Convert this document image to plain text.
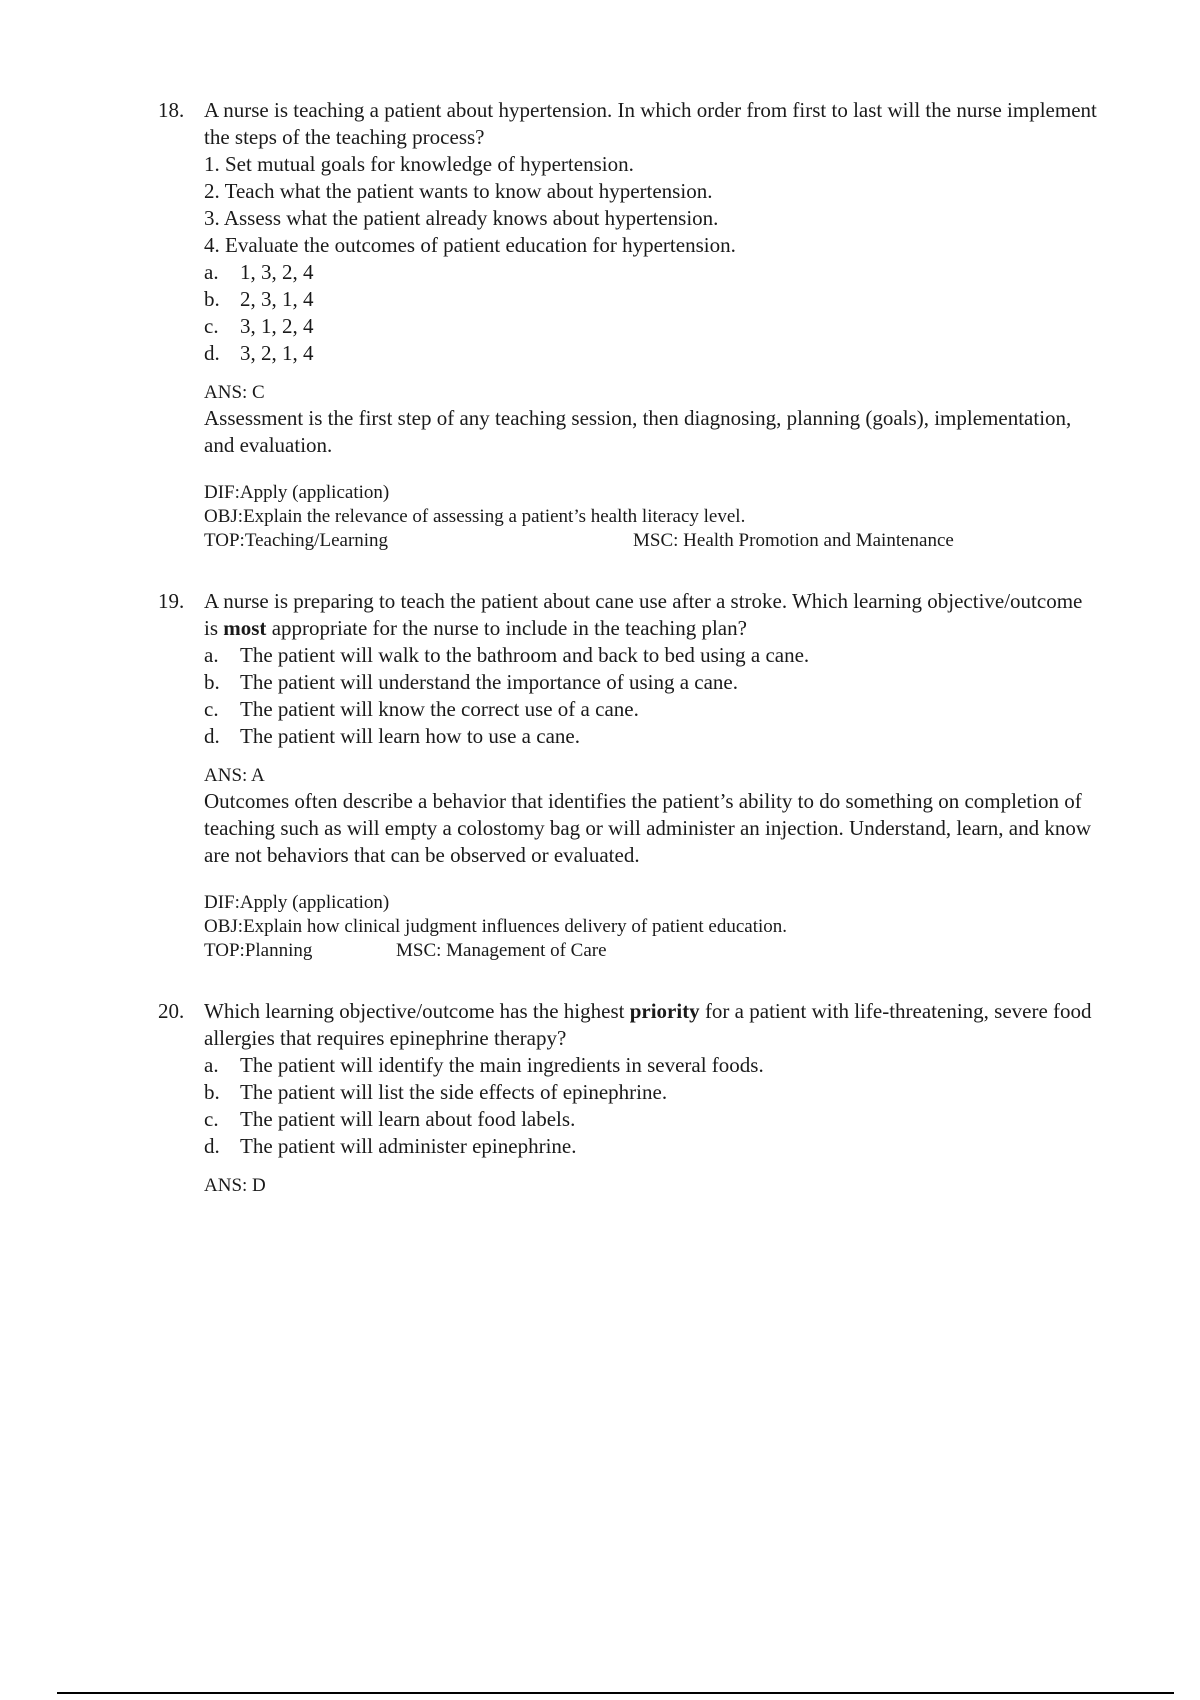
18. A nurse is teaching a patient about hypertension. In which order from first to last will the nurse implement the steps of the teaching process?
1. Set mutual goals for knowledge of hypertension.
2. Teach what the patient wants to know about hypertension.
3. Assess what the patient already knows about hypertension.
4. Evaluate the outcomes of patient education for hypertension.
a.	1, 3, 2, 4
b. 2, 3, 1, 4
c.	3, 1, 2, 4
d. 3, 2, 1, 4
ANS: C
Assessment is the first step of any teaching session, then diagnosing, planning (goals), implementation, and evaluation.
DIF:Apply (application)
OBJ:Explain the relevance of assessing a patient’s health literacy level.
TOP:Teaching/Learning	MSC: Health Promotion and Maintenance
19. A nurse is preparing to teach the patient about cane use after a stroke. Which learning objective/outcome is most appropriate for the nurse to include in the teaching plan?
a.	The patient will walk to the bathroom and back to bed using a cane.
b. The patient will understand the importance of using a cane.
c.	The patient will know the correct use of a cane.
d. The patient will learn how to use a cane.
ANS: A
Outcomes often describe a behavior that identifies the patient’s ability to do something on completion of teaching such as will empty a colostomy bag or will administer an injection. Understand, learn, and know are not behaviors that can be observed or evaluated.
DIF:Apply (application)
OBJ:Explain how clinical judgment influences delivery of patient education.
TOP:Planning	MSC: Management of Care
20. Which learning objective/outcome has the highest priority for a patient with life-threatening, severe food allergies that requires epinephrine therapy?
a.	The patient will identify the main ingredients in several foods.
b. The patient will list the side effects of epinephrine.
c.	The patient will learn about food labels.
d. The patient will administer epinephrine.
ANS: D
